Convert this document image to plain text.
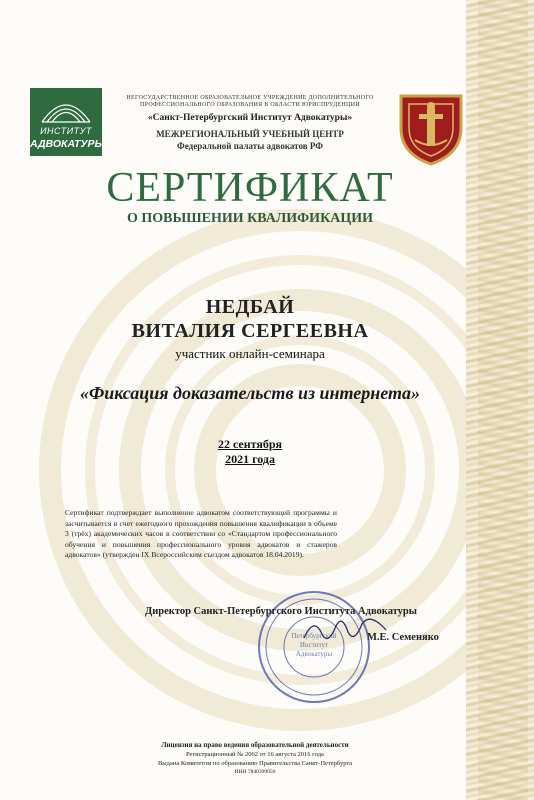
ИНСТИТУТ
АДВОКАТУРЫ
НЕГОСУДАРСТВЕННОЕ ОБРАЗОВАТЕЛЬНОЕ УЧРЕЖДЕНИЕ ДОПОЛНИТЕЛЬНОГО ПРОФЕССИОНАЛЬНОГО ОБРАЗОВАНИЯ В ОБЛАСТИ ЮРИСПРУДЕНЦИИ
«Санкт-Петербургский Институт Адвокатуры»
МЕЖРЕГИОНАЛЬНЫЙ УЧЕБНЫЙ ЦЕНТР
Федеральной палаты адвокатов РФ
СЕРТИФИКАТ
О ПОВЫШЕНИИ КВАЛИФИКАЦИИ
НЕДБАЙ
ВИТАЛИЯ СЕРГЕЕВНА
участник онлайн-семинара
«Фиксация доказательств из интернета»
22 сентября
2021 года
Сертификат подтверждает выполнение адвокатом соответствующей программы и засчитывается в счет ежегодного прохождения повышения квалификации в объеме 3 (трёх) академических часов в соответствии со «Стандартом профессионального обучения и повышения профессионального уровня адвокатов и стажеров адвокатов» (утвержден IX Всероссийским съездом адвокатов 18.04.2019).
Петербургский
Институт
Адвокатуры
Директор Санкт-Петербургского Института Адвокатуры
М.Е. Семеняко
Лицензия на право ведения образовательной деятельности
Регистрационный № 2062 от 16 августа 2016 года
Выдана Комитетом по образованию Правительства Санкт-Петербурга
ИНН 7840399050
